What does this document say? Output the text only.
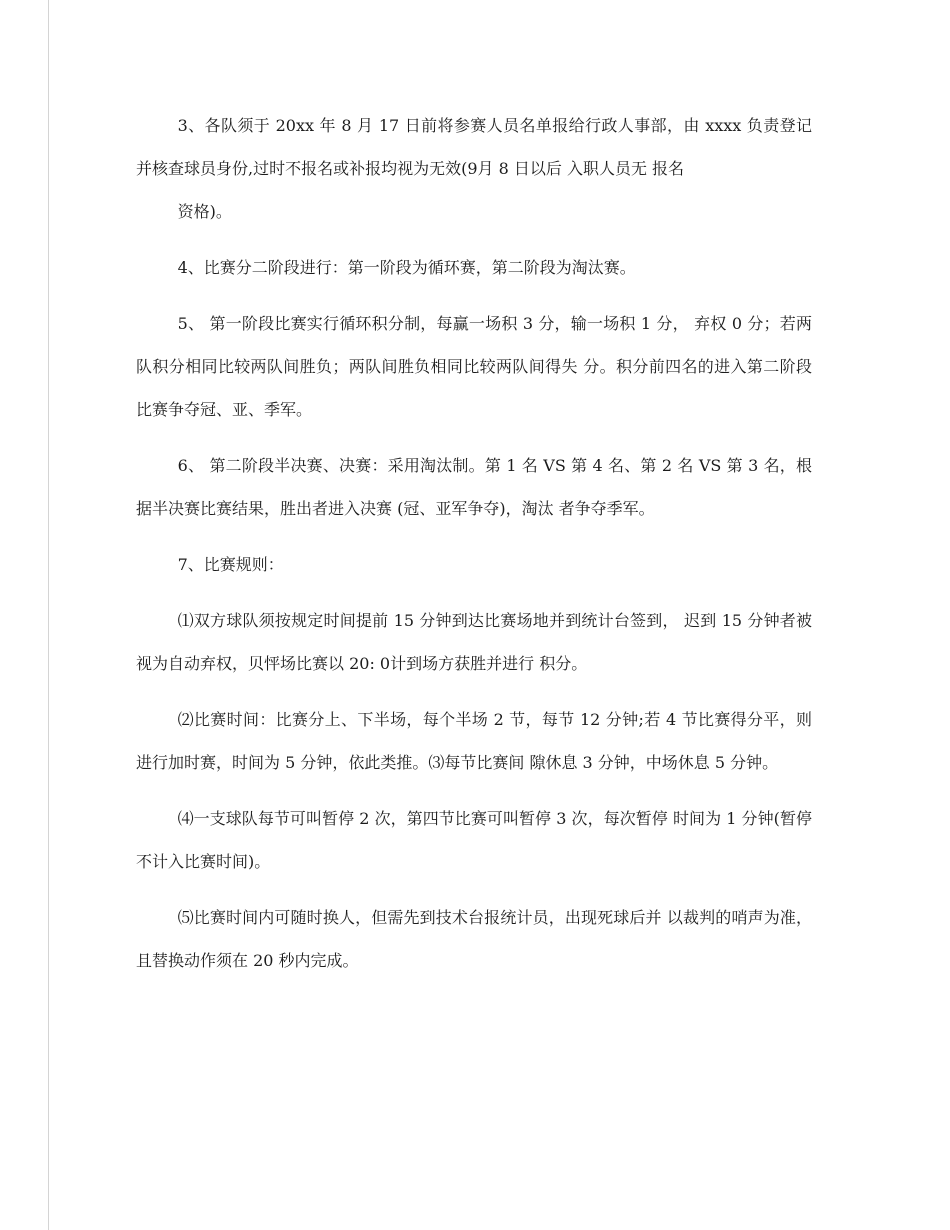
3、各队须于 20xx 年 8 月 17 日前将参赛人员名单报给行政人事部，由 xxxx 负责登记并核查球员身份,过时不报名或补报均视为无效(9月 8 日以后 入职人员无 报名

资格)。

4、比赛分二阶段进行：第一阶段为循环赛，第二阶段为淘汰赛。

5、 第一阶段比赛实行循环积分制，每赢一场积 3 分，输一场积 1 分， 弃权 0 分；若两队积分相同比较两队间胜负；两队间胜负相同比较两队间得失 分。积分前四名的进入第二阶段比赛争夺冠、亚、季军。

6、 第二阶段半决赛、决赛：采用淘汰制。第 1 名 VS 第 4 名、第 2 名 VS 第 3 名，根据半决赛比赛结果，胜出者进入决赛 (冠、亚军争夺)，淘汰 者争夺季军。

7、比赛规则：

⑴双方球队须按规定时间提前 15 分钟到达比赛场地并到统计台签到， 迟到 15 分钟者被视为自动弃权，贝怦场比赛以 20: 0计到场方获胜并进行 积分。

⑵比赛时间：比赛分上、下半场，每个半场 2 节，每节 12 分钟;若 4 节比赛得分平，则进行加时赛，时间为 5 分钟，依此类推。⑶每节比赛间 隙休息 3 分钟，中场休息 5 分钟。

⑷一支球队每节可叫暂停 2 次，第四节比赛可叫暂停 3 次，每次暂停 时间为 1 分钟(暂停不计入比赛时间)。

⑸比赛时间内可随时换人，但需先到技术台报统计员，出现死球后并 以裁判的哨声为准，且替换动作须在 20 秒内完成。
